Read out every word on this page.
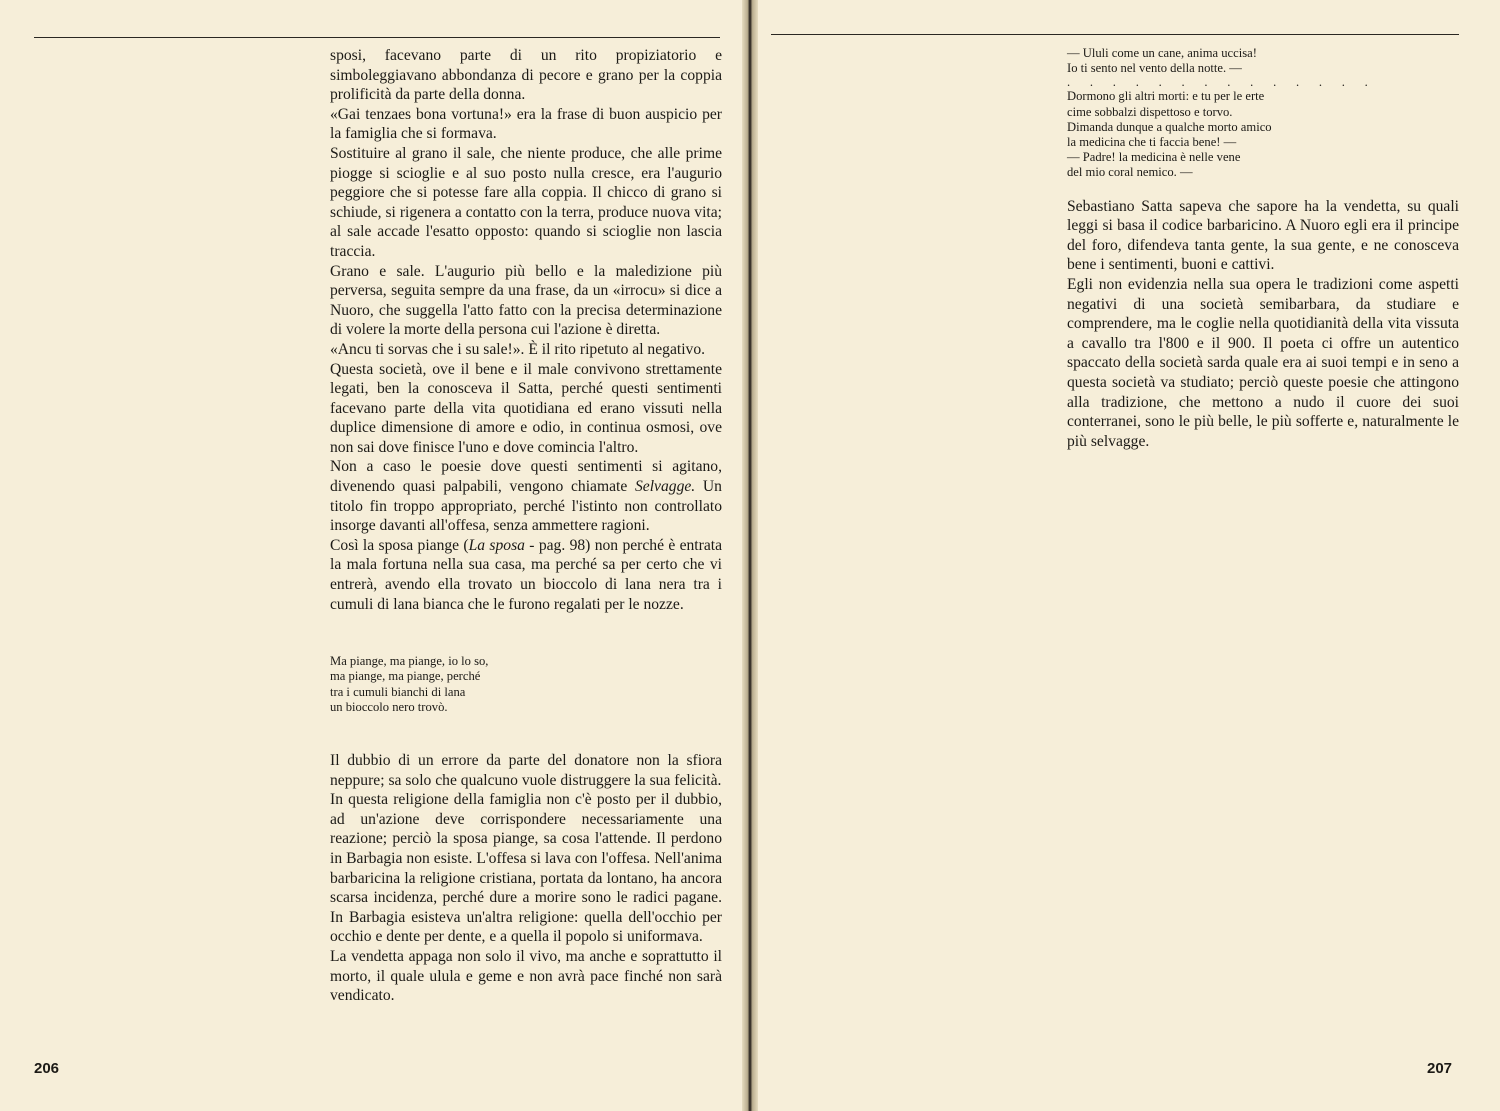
sposi, facevano parte di un rito propiziatorio e simboleggiavano abbondanza di pecore e grano per la coppia prolificità da parte della donna.

«Gai tenzaes bona vortuna!» era la frase di buon auspicio per la famiglia che si formava.

Sostituire al grano il sale, che niente produce, che alle prime piogge si scioglie e al suo posto nulla cresce, era l'augurio peggiore che si potesse fare alla coppia. Il chicco di grano si schiude, si rigenera a contatto con la terra, produce nuova vita; al sale accade l'esatto opposto: quando si scioglie non lascia traccia.

Grano e sale. L'augurio più bello e la maledizione più perversa, seguita sempre da una frase, da un «irrocu» si dice a Nuoro, che suggella l'atto fatto con la precisa determinazione di volere la morte della persona cui l'azione è diretta.

«Ancu ti sorvas che i su sale!». È il rito ripetuto al negativo.

Questa società, ove il bene e il male convivono strettamente legati, ben la conosceva il Satta, perché questi sentimenti facevano parte della vita quotidiana ed erano vissuti nella duplice dimensione di amore e odio, in continua osmosi, ove non sai dove finisce l'uno e dove comincia l'altro.

Non a caso le poesie dove questi sentimenti si agitano, divenendo quasi palpabili, vengono chiamate Selvagge. Un titolo fin troppo appropriato, perché l'istinto non controllato insorge davanti all'offesa, senza ammettere ragioni.

Così la sposa piange (La sposa - pag. 98) non perché è entrata la mala fortuna nella sua casa, ma perché sa per certo che vi entrerà, avendo ella trovato un bioccolo di lana nera tra i cumuli di lana bianca che le furono regalati per le nozze.

Ma piange, ma piange, io lo so,
ma piange, ma piange, perché
tra i cumuli bianchi di lana
un bioccolo nero trovò.

Il dubbio di un errore da parte del donatore non la sfiora neppure; sa solo che qualcuno vuole distruggere la sua felicità.

In questa religione della famiglia non c'è posto per il dubbio, ad un'azione deve corrispondere necessariamente una reazione; perciò la sposa piange, sa cosa l'attende. Il perdono in Barbagia non esiste. L'offesa si lava con l'offesa. Nell'anima barbaricina la religione cristiana, portata da lontano, ha ancora scarsa incidenza, perché dure a morire sono le radici pagane. In Barbagia esisteva un'altra religione: quella dell'occhio per occhio e dente per dente, e a quella il popolo si uniformava.

La vendetta appaga non solo il vivo, ma anche e soprattutto il morto, il quale ulula e geme e non avrà pace finché non sarà vendicato.

— Ululi come un cane, anima uccisa!
Io ti sento nel vento della notte. —
. . . . . . . . . . . . . .
Dormono gli altri morti: e tu per le erte
cime sobbalzi dispettoso e torvo.
Dimanda dunque a qualche morto amico
la medicina che ti faccia bene! —
— Padre! la medicina è nelle vene
del mio coral nemico. —

Sebastiano Satta sapeva che sapore ha la vendetta, su quali leggi si basa il codice barbaricino. A Nuoro egli era il principe del foro, difendeva tanta gente, la sua gente, e ne conosceva bene i sentimenti, buoni e cattivi.

Egli non evidenzia nella sua opera le tradizioni come aspetti negativi di una società semibarbara, da studiare e comprendere, ma le coglie nella quotidianità della vita vissuta a cavallo tra l'800 e il 900. Il poeta ci offre un autentico spaccato della società sarda quale era ai suoi tempi e in seno a questa società va studiato; perciò queste poesie che attingono alla tradizione, che mettono a nudo il cuore dei suoi conterranei, sono le più belle, le più sofferte e, naturalmente le più selvagge.

206	207
